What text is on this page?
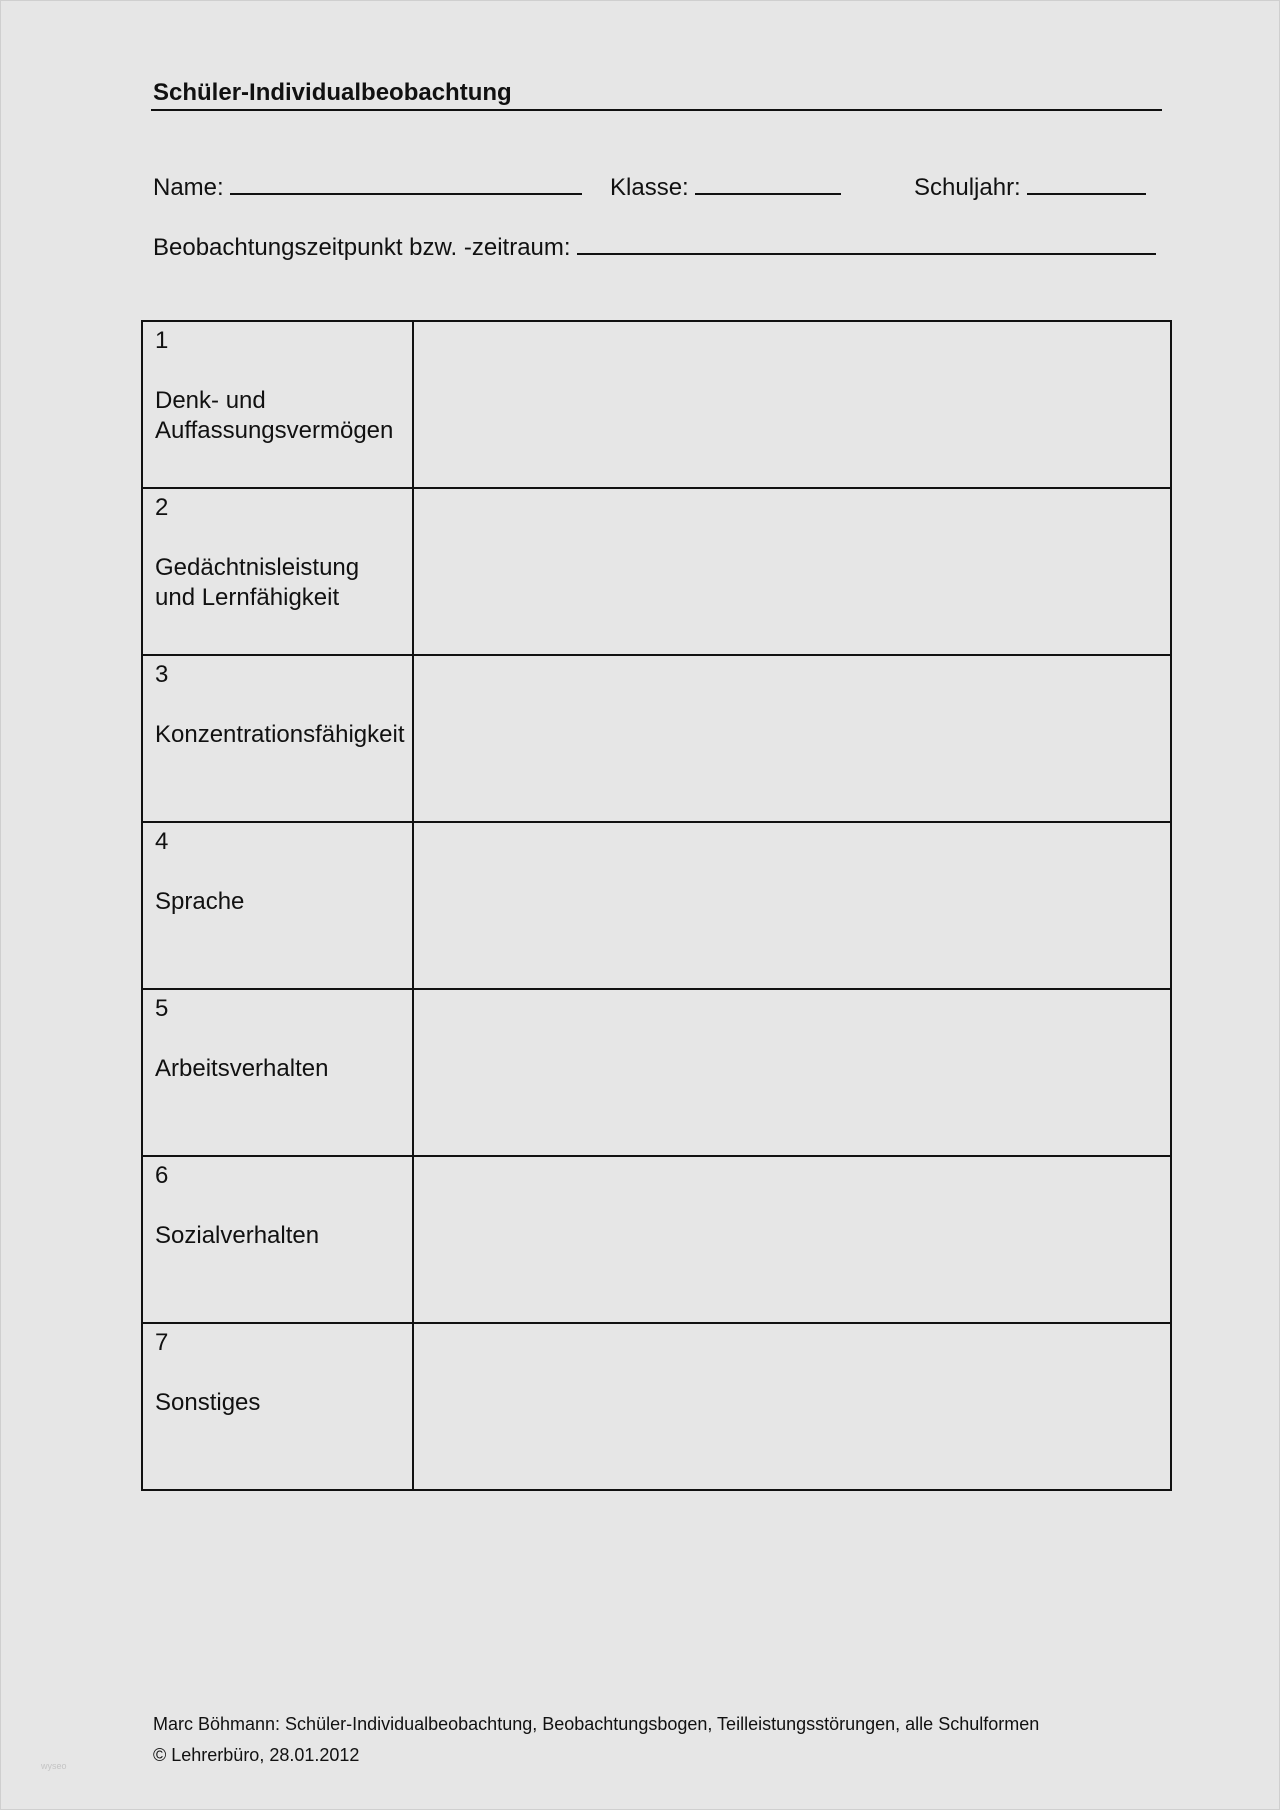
Schüler-Individualbeobachtung
Name:	Klasse:	Schuljahr:
Beobachtungszeitpunkt bzw. -zeitraum:
1
Denk- und
Auffassungsvermögen	

2
Gedächtnisleistung
und Lernfähigkeit	

3
Konzentrationsfähigkeit	

4
Sprache	

5
Arbeitsverhalten	

6
Sozialverhalten	

7
Sonstiges	

Marc Böhmann: Schüler-Individualbeobachtung, Beobachtungsbogen, Teilleistungsstörungen, alle Schulformen
© Lehrerbüro, 28.01.2012
wyseo
